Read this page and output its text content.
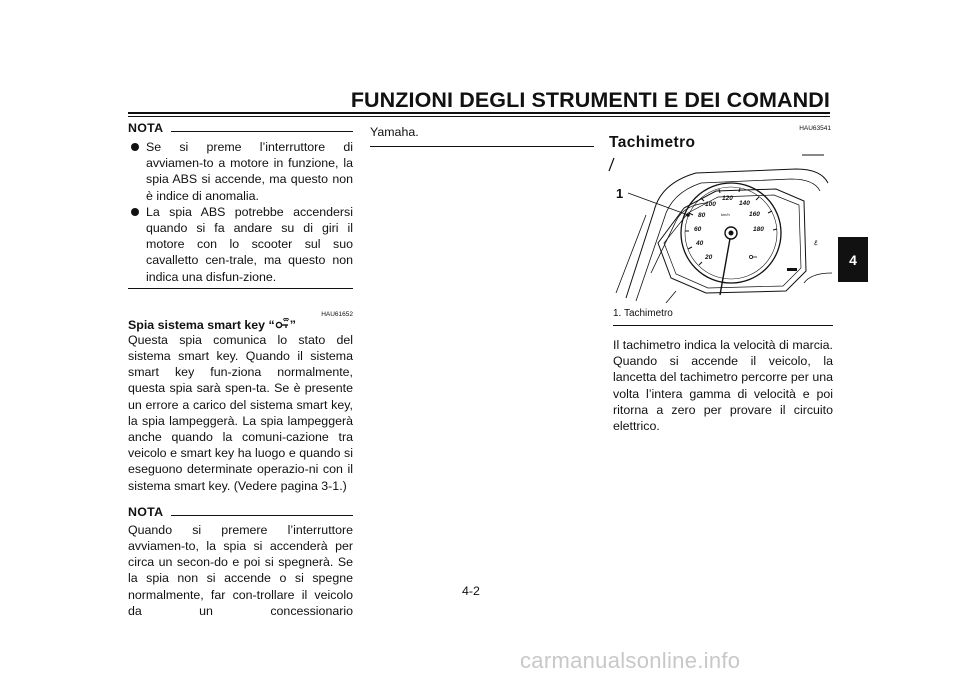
FUNZIONI DEGLI STRUMENTI E DEI COMANDI
4
NOTA
Se si preme l’interruttore di avviamen-to a motore in funzione, la spia ABS si accende, ma questo non è indice di anomalia.
La spia ABS potrebbe accendersi quando si fa andare su di giri il motore con lo scooter sul suo cavalletto cen-trale, ma questo non indica una disfun-zione.
HAU61652
Spia sistema smart key “ ”
Questa spia comunica lo stato del sistema smart key. Quando il sistema smart key fun-ziona normalmente, questa spia sarà spen-ta. Se è presente un errore a carico del sistema smart key, la spia lampeggerà. La spia lampeggerà anche quando la comuni-cazione tra veicolo e smart key ha luogo e quando si eseguono determinate operazio-ni con il sistema smart key. (Vedere pagina 3-1.)
NOTA
Quando si premere l’interruttore avviamen-to, la spia si accenderà per circa un secon-do e poi si spegnerà. Se la spia non si accende o si spegne normalmente, far con-trollare il veicolo da un concessionario
Yamaha.	HAU63541
Tachimetro
20
40
60
80
100
120
140
160
180
km/h
ℰ
1
1. Tachimetro
Il tachimetro indica la velocità di marcia. Quando si accende il veicolo, la lancetta del tachimetro percorre per una volta l’intera gamma di velocità e poi ritorna a zero per provare il circuito elettrico.
4-2
carmanualsonline.info
